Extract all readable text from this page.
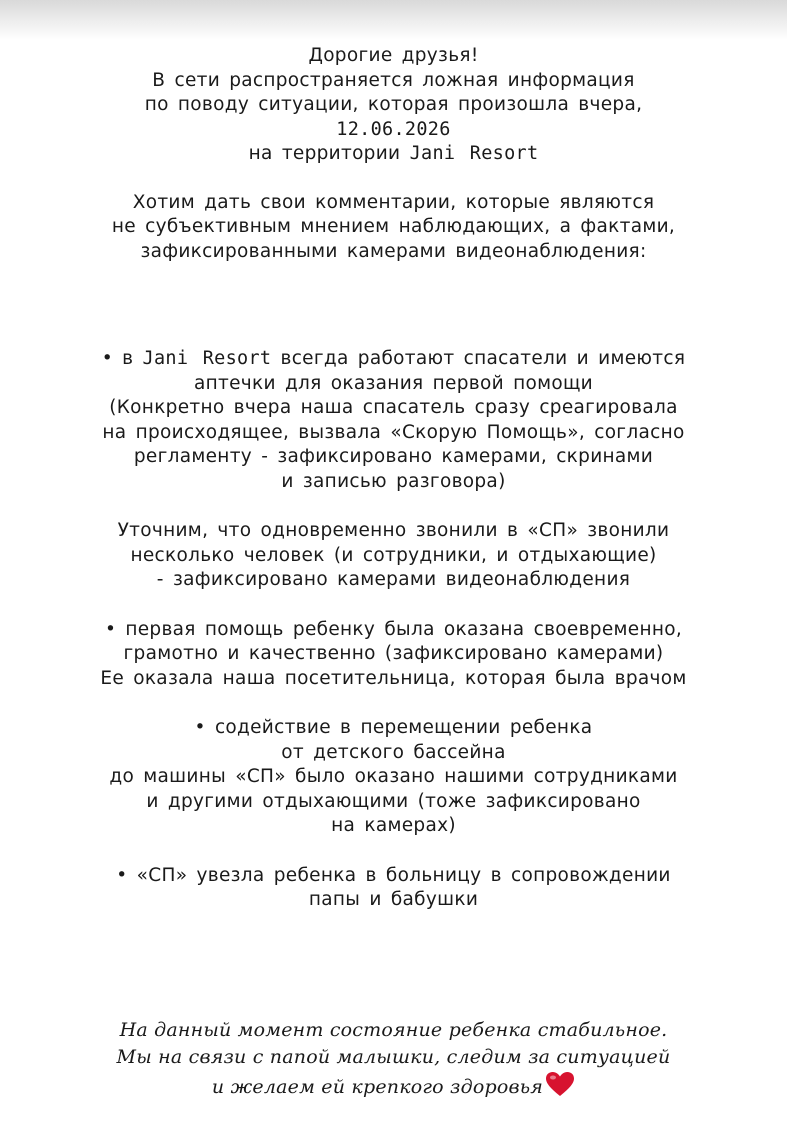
Дорогие друзья!
В сети распространяется ложная информация
по поводу ситуации, которая произошла вчера,
12.06.2026
на территории Jani Resort
Хотим дать свои комментарии, которые являются
не субъективным мнением наблюдающих, а фактами,
зафиксированными камерами видеонаблюдения:
• в Jani Resort всегда работают спасатели и имеются
аптечки для оказания первой помощи
(Конкретно вчера наша спасатель сразу среагировала
на происходящее, вызвала «Скорую Помощь», согласно
регламенту - зафиксировано камерами, скринами
и записью разговора)
Уточним, что одновременно звонили в «СП» звонили
несколько человек (и сотрудники, и отдыхающие)
- зафиксировано камерами видеонаблюдения
• первая помощь ребенку была оказана своевременно,
грамотно и качественно (зафиксировано камерами)
Ее оказала наша посетительница, которая была врачом
• содействие в перемещении ребенка
от детского бассейна
до машины «СП» было оказано нашими сотрудниками
и другими отдыхающими (тоже зафиксировано
на камерах)
• «СП» увезла ребенка в больницу в сопровождении
папы и бабушки
На данный момент состояние ребенка стабильное.
Мы на связи с папой малышки, следим за ситуацией
и желаем ей крепкого здоровья
